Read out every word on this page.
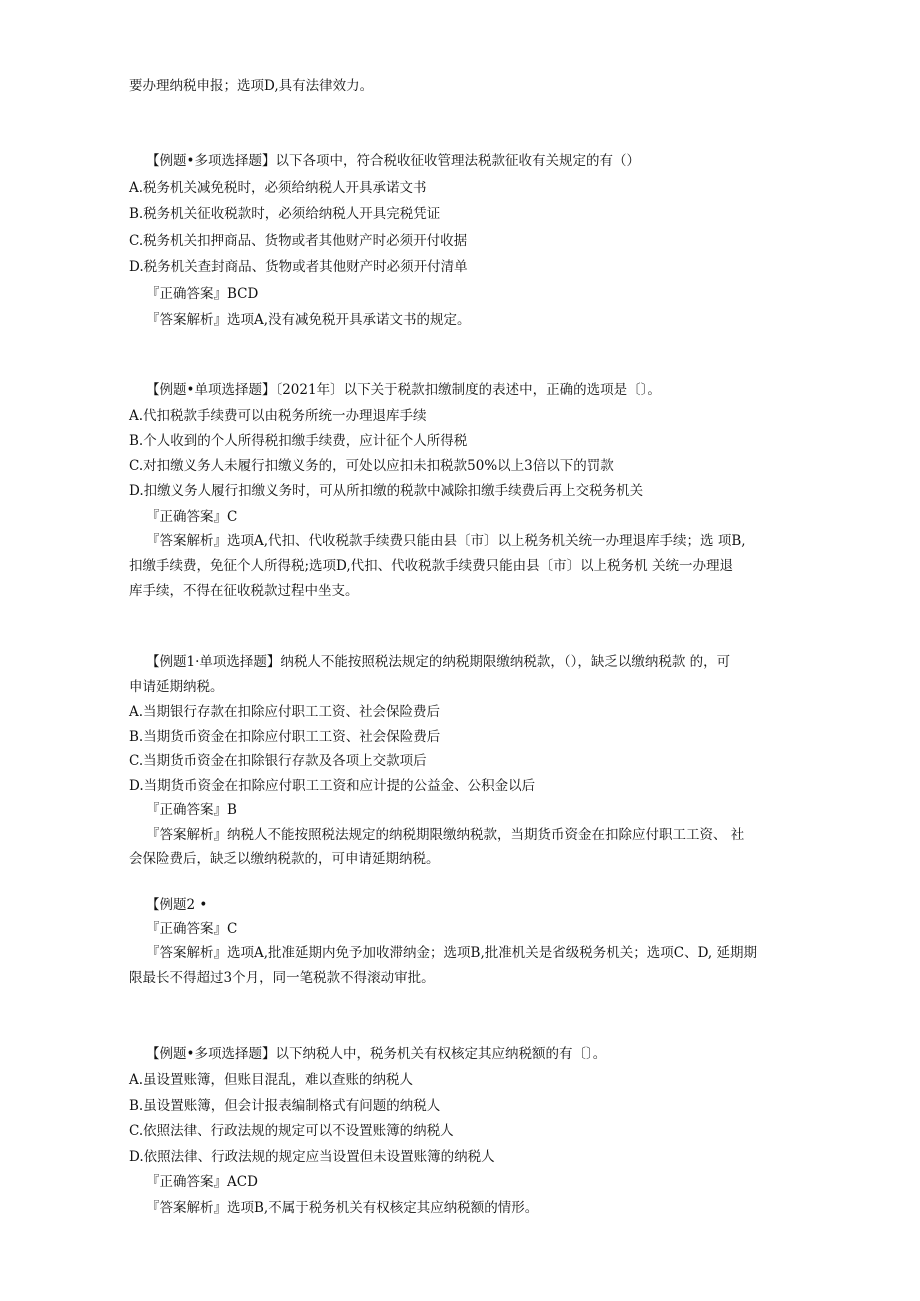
要办理纳税申报；选项D,具有法律效力。
【例题•多项选择题】以下各项中，符合税收征收管理法税款征收有关规定的有（）
A.税务机关减免税时，必须给纳税人开具承诺文书
B.税务机关征收税款时，必须给纳税人开具完税凭证
C.税务机关扣押商品、货物或者其他财产时必须开付收据
D.税务机关查封商品、货物或者其他财产时必须开付清单
『正确答案』BCD
『答案解析』选项A,没有减免税开具承诺文书的规定。
【例题•单项选择题】〔2021年〕以下关于税款扣缴制度的表述中，正确的选项是〔〕。
A.代扣税款手续费可以由税务所统一办理退库手续
B.个人收到的个人所得税扣缴手续费，应计征个人所得税
C.对扣缴义务人未履行扣缴义务的，可处以应扣未扣税款50%以上3倍以下的罚款
D.扣缴义务人履行扣缴义务时，可从所扣缴的税款中减除扣缴手续费后再上交税务机关
『正确答案』C
『答案解析』选项A,代扣、代收税款手续费只能由县〔市〕以上税务机关统一办理退库手续；选 项B,
扣缴手续费，免征个人所得税;选项D,代扣、代收税款手续费只能由县〔市〕以上税务机 关统一办理退
库手续，不得在征收税款过程中坐支。
【例题1·单项选择题】纳税人不能按照税法规定的纳税期限缴纳税款，（），缺乏以缴纳税款 的，可
申请延期纳税。
A.当期银行存款在扣除应付职工工资、社会保险费后
B.当期货币资金在扣除应付职工工资、社会保险费后
C.当期货币资金在扣除银行存款及各项上交款项后
D.当期货币资金在扣除应付职工工资和应计提的公益金、公积金以后
『正确答案』B
『答案解析』纳税人不能按照税法规定的纳税期限缴纳税款，当期货币资金在扣除应付职工工资、 社
会保险费后，缺乏以缴纳税款的，可申请延期纳税。
【例题2 •
『正确答案』C
『答案解析』选项A,批准延期内免予加收滞纳金；选项B,批准机关是省级税务机关；选项C、D, 延期期
限最长不得超过3个月，同一笔税款不得滚动审批。
【例题•多项选择题】以下纳税人中，税务机关有权核定其应纳税额的有〔〕。
A.虽设置账簿，但账目混乱，难以查账的纳税人
B.虽设置账簿，但会计报表编制格式有问题的纳税人
C.依照法律、行政法规的规定可以不设置账簿的纳税人
D.依照法律、行政法规的规定应当设置但未设置账簿的纳税人
『正确答案』ACD
『答案解析』选项B,不属于税务机关有权核定其应纳税额的情形。
